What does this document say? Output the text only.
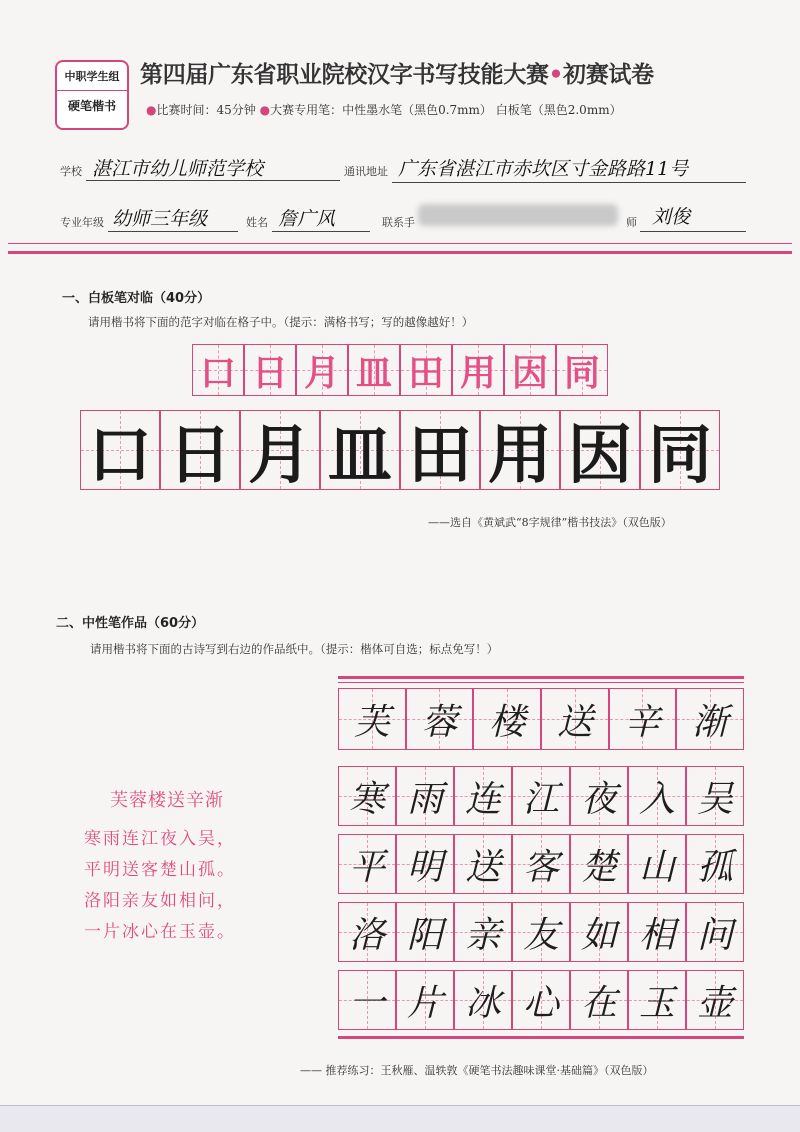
中职学生组
硬笔楷书
第四届广东省职业院校汉字书写技能大赛•初赛试卷
●比赛时间：45分钟 ●大赛专用笔：中性墨水笔（黑色0.7mm） 白板笔（黑色2.0mm）
学校 湛江市幼儿师范学校	通讯地址 广东省湛江市赤坎区寸金路路11号
专业年级 幼师三年级	姓名 詹广风	联系手	师 刘俊
一、白板笔对临（40分）
请用楷书将下面的范字对临在格子中。（提示：满格书写；写的越像越好！）
口 日 月 皿 田 用 因 同
口 日 月 皿 田 用 因 同
——选自《黄斌武“8字规律”楷书技法》（双色版）
二、中性笔作品（60分）
请用楷书将下面的古诗写到右边的作品纸中。（提示：楷体可自选；标点免写！）
芙蓉楼送辛渐
寒雨连江夜入吴，
平明送客楚山孤。
洛阳亲友如相问，
一片冰心在玉壶。
芙 蓉 楼 送 辛 渐
寒 雨 连 江 夜 入 吴
平 明 送 客 楚 山 孤
洛 阳 亲 友 如 相 问
一 片 冰 心 在 玉 壶
—— 推荐练习：王秋雁、温轶敦《硬笔书法趣味课堂·基础篇》（双色版）
